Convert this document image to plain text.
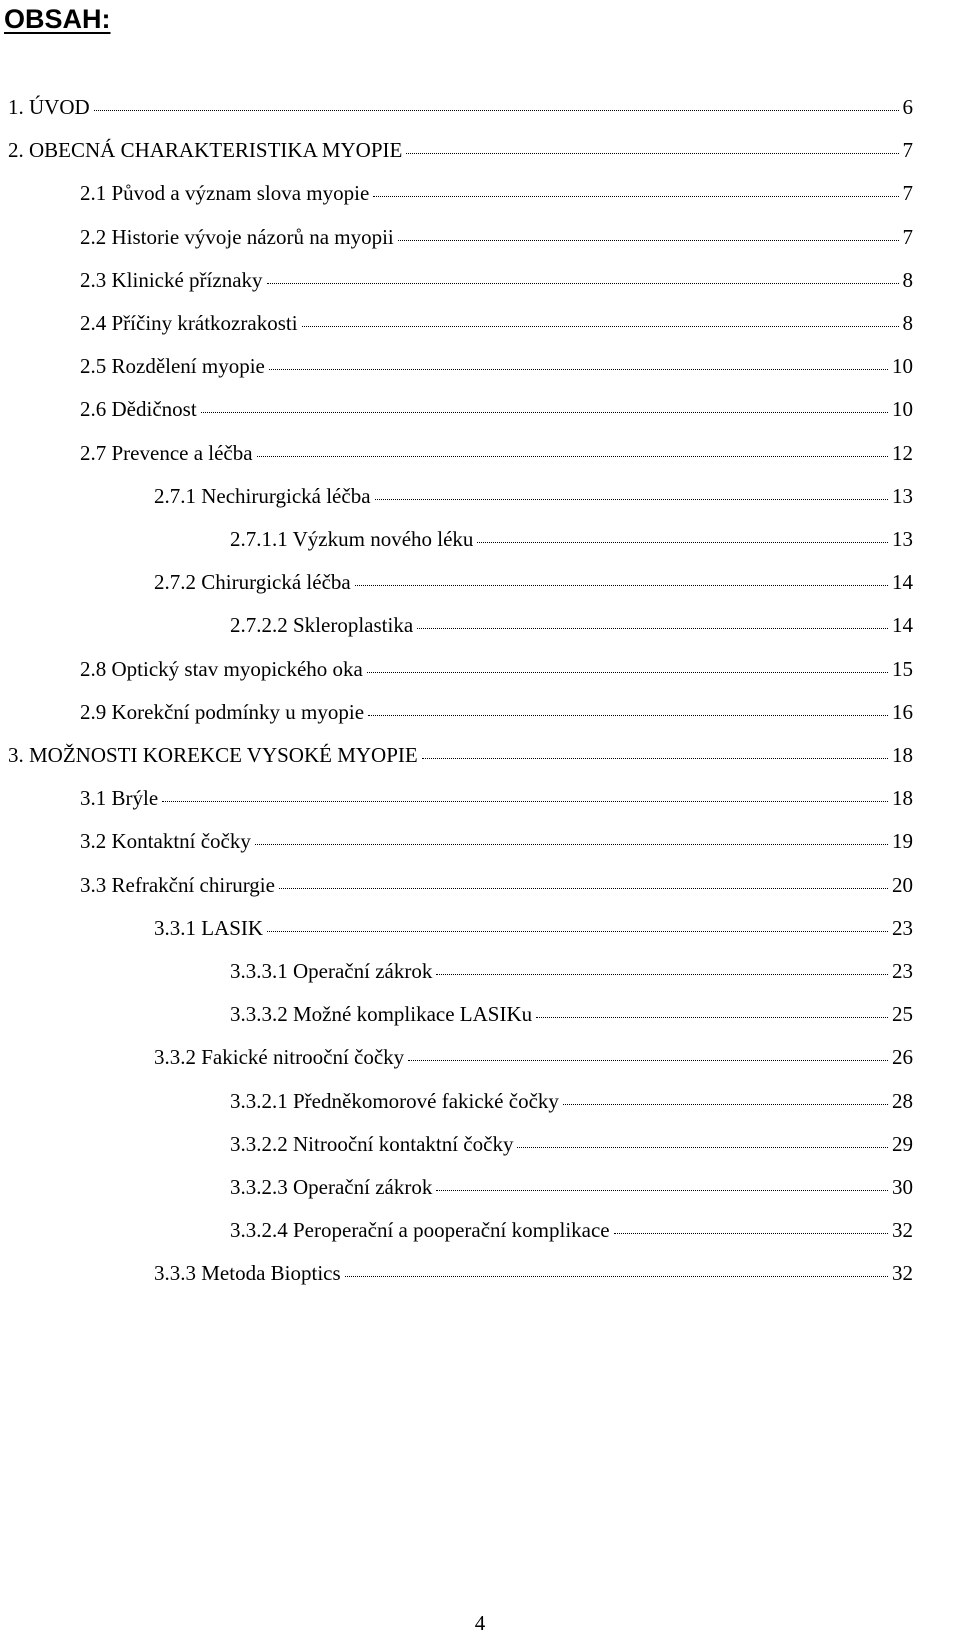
OBSAH:
1. ÚVOD	6
2. OBECNÁ CHARAKTERISTIKA MYOPIE	7
2.1 Původ a význam slova myopie	7
2.2 Historie vývoje názorů na myopii	7
2.3 Klinické příznaky	8
2.4 Příčiny krátkozrakosti	8
2.5 Rozdělení myopie	10
2.6 Dědičnost	10
2.7 Prevence a léčba	12
2.7.1 Nechirurgická léčba	13
2.7.1.1 Výzkum nového léku	13
2.7.2 Chirurgická léčba	14
2.7.2.2 Skleroplastika	14
2.8 Optický stav myopického oka	15
2.9 Korekční podmínky u myopie	16
3. MOŽNOSTI KOREKCE VYSOKÉ MYOPIE	18
3.1 Brýle	18
3.2 Kontaktní čočky	19
3.3 Refrakční chirurgie	20
3.3.1 LASIK	23
3.3.3.1 Operační zákrok	23
3.3.3.2 Možné komplikace LASIKu	25
3.3.2 Fakické nitrooční čočky	26
3.3.2.1 Předněkomorové fakické čočky	28
3.3.2.2 Nitrooční kontaktní čočky	29
3.3.2.3 Operační zákrok	30
3.3.2.4 Peroperační a pooperační komplikace	32
3.3.3 Metoda Bioptics	32
4
